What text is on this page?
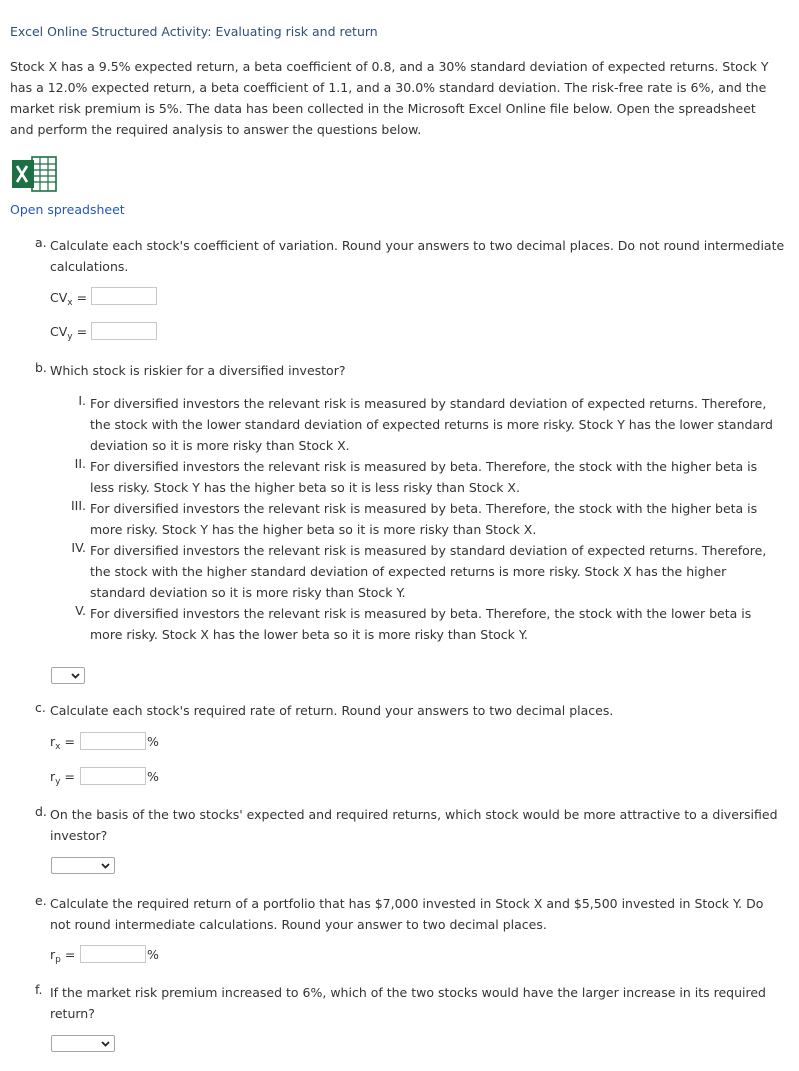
Excel Online Structured Activity: Evaluating risk and return
Stock X has a 9.5% expected return, a beta coefficient of 0.8, and a 30% standard deviation of expected returns. Stock Y has a 12.0% expected return, a beta coefficient of 1.1, and a 30.0% standard deviation. The risk-free rate is 6%, and the market risk premium is 5%. The data has been collected in the Microsoft Excel Online file below. Open the spreadsheet and perform the required analysis to answer the questions below.
Open spreadsheet
a. Calculate each stock's coefficient of variation. Round your answers to two decimal places. Do not round intermediate calculations.
$CV_x$ =
$CV_y$ =
b. Which stock is riskier for a diversified investor?
I. For diversified investors the relevant risk is measured by standard deviation of expected returns. Therefore, the stock with the lower standard deviation of expected returns is more risky. Stock Y has the lower standard deviation so it is more risky than Stock X.
II. For diversified investors the relevant risk is measured by beta. Therefore, the stock with the higher beta is less risky. Stock Y has the higher beta so it is less risky than Stock X.
III. For diversified investors the relevant risk is measured by beta. Therefore, the stock with the higher beta is more risky. Stock Y has the higher beta so it is more risky than Stock X.
IV. For diversified investors the relevant risk is measured by standard deviation of expected returns. Therefore, the stock with the higher standard deviation of expected returns is more risky. Stock X has the higher standard deviation so it is more risky than Stock Y.
V. For diversified investors the relevant risk is measured by beta. Therefore, the stock with the lower beta is more risky. Stock X has the lower beta so it is more risky than Stock Y.
c. Calculate each stock's required rate of return. Round your answers to two decimal places.
$r_x$ =	%
$r_y$ =	%
d. On the basis of the two stocks' expected and required returns, which stock would be more attractive to a diversified investor?
e. Calculate the required return of a portfolio that has $7,000 invested in Stock X and $5,500 invested in Stock Y. Do not round intermediate calculations. Round your answer to two decimal places.
$r_p$ =	%
f. If the market risk premium increased to 6%, which of the two stocks would have the larger increase in its required return?
